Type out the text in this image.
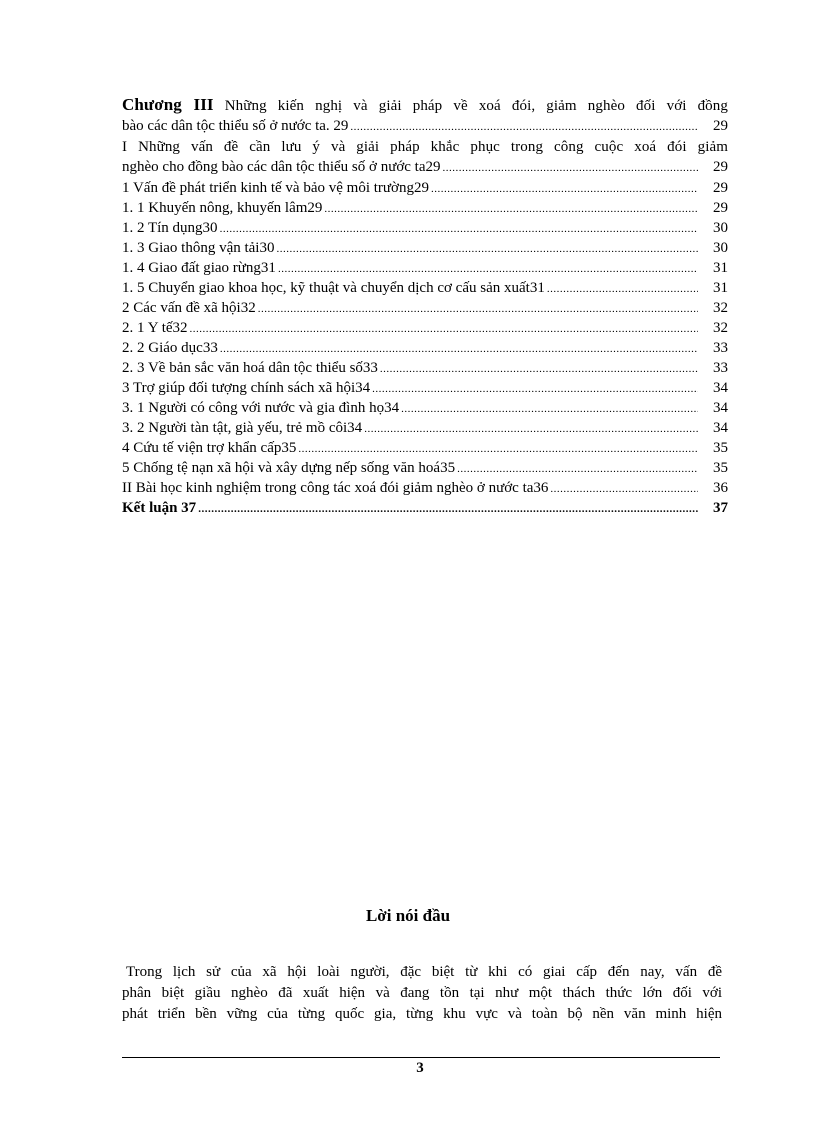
Chương III Những kiến nghị và giải pháp về xoá đói, giảm nghèo đối với đồng
bào các dân tộc thiểu số ở nước ta. 29 .....	29
I Những vấn đề cần lưu ý và giải pháp khắc phục trong công cuộc xoá đói giảm
nghèo cho đồng bào các dân tộc thiểu số ở nước ta29 .....	29
1 Vấn đề phát triển kinh tế và bảo vệ môi trường29 .....	29
1. 1 Khuyến nông, khuyến lâm29 .....	29
1. 2 Tín dụng30 .....	30
1. 3 Giao thông vận tải30 .....	30
1. 4 Giao đất giao rừng31 .....	31
1. 5 Chuyển giao khoa học, kỹ thuật và chuyển dịch cơ cấu sản xuất31 .....	31
2 Các vấn đề xã hội32 .....	32
2. 1 Y tế32 .....	32
2. 2 Giáo dục33 .....	33
2. 3 Về bản sắc văn hoá dân tộc thiểu số33 .....	33
3 Trợ giúp đối tượng chính sách xã hội34 .....	34
3. 1 Người có công với nước và gia đình họ34 .....	34
3. 2 Người tàn tật, già yếu, trẻ mồ côi34 .....	34
4 Cứu tế viện trợ khẩn cấp35 .....	35
5 Chống tệ nạn xã hội và xây dựng nếp sống văn hoá35 .....	35
II Bài học kinh nghiệm trong công tác xoá đói giảm nghèo ở nước ta36 .....	36
Kết luận 37 .....	37
Lời nói đầu
Trong lịch sử của xã hội loài người, đặc biệt từ khi có giai cấp đến nay, vấn đề
phân biệt giầu nghèo đã xuất hiện và đang tồn tại như một thách thức lớn đối với
phát triển bền vững của từng quốc gia, từng khu vực và toàn bộ nền văn minh hiện
3
